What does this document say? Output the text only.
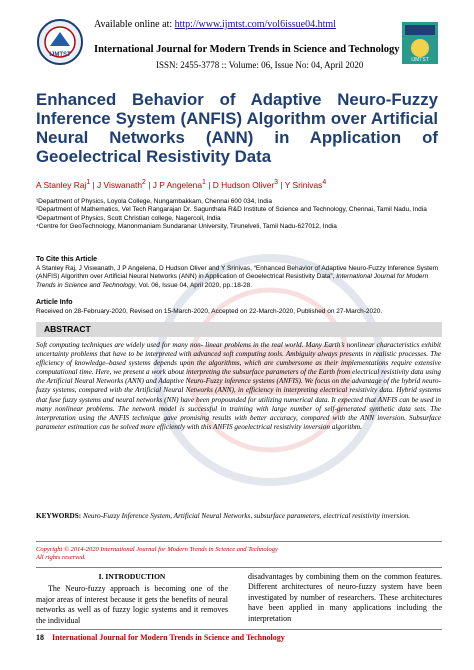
IJMTST
Available online at: http://www.ijmtst.com/vol6issue04.html
International Journal for Modern Trends in Science and Technology
ISSN: 2455-3778 :: Volume: 06, Issue No: 04, April 2020	IJMTST
Enhanced Behavior of Adaptive Neuro-Fuzzy Inference System (ANFIS) Algorithm over Artificial Neural Networks (ANN) in Application of Geoelectrical Resistivity Data
A Stanley Raj$^1$ | J Viswanath$^2$ | J P Angelena$^1$ | D Hudson Oliver$^3$ | Y Srinivas$^4$
¹Department of Physics, Loyola College, Nungambakkam, Chennai 600 034, India
²Department of Mathematics, Vel Tech Rangarajan Dr. Sagunthala R&D Institute of Science and Technology, Chennai, Tamil Nadu, India
³Department of Physics, Scott Christian college, Nagercoil, India
⁴Centre for GeoTechnology, Manonmaniam Sundaranar University, Tirunelveli, Tamil Nadu-627012, India
To Cite this Article
A Stanley Raj, J Viswanath, J P Angelena, D Hudson Oliver and Y Srinivas, “Enhanced Behavior of Adaptive Neuro-Fuzzy Inference System (ANFIS) Algorithm over Artificial Neural Networks (ANN) in Application of Geoelectrical Resistivity Data”, International Journal for Modern Trends in Science and Technology, Vol. 06, Issue 04, April 2020, pp.:18-28.
Article Info
Received on 28-February-2020, Revised on 15-March-2020, Accepted on 22-March-2020, Published on 27-March-2020.
ABSTRACT
Soft computing techniques are widely used for many non- linear problems in the real world. Many Earth’s nonlinear characteristics exhibit uncertainty problems that have to be interpreted with advanced soft computing tools. Ambiguity always presents in realistic processes. The efficiency of knowledge–based systems depends upon the algorithms, which are cumbersome as their implementations require extensive computational time. Here, we present a work about interpreting the subsurface parameters of the Earth from electrical resistivity data using the Artificial Neural Networks (ANN) and Adaptive Neuro-Fuzzy inference systems (ANFIS). We focus on the advantage of the hybrid neuro-fuzzy systems, compared with the Artificial Neural Networks (ANN), in efficiency in interpreting electrical resistivity data. Hybrid systems that fuse fuzzy systems and neural networks (NN) have been propounded for utilizing numerical data. It expected that ANFIS can be used in many nonlinear problems. The network model is successful in training with large number of self-generated synthetic data sets. The interpretation using the ANFIS technique gave promising results with better accuracy, compared with the ANN inversion. Subsurface parameter estimation can be solved more efficiently with this ANFIS geoelectrical resistivity inversion algorithm.
KEYWORDS: Neuro-Fuzzy Inference System, Artificial Neural Networks, subsurface parameters, electrical resistivity inversion.
Copyright © 2014-2020 International Journal for Modern Trends in Science and Technology
All rights reserved.
I. INTRODUCTION

The Neuro-fuzzy approach is becoming one of the major areas of interest because it gets the benefits of neural networks as well as of fuzzy logic systems and it removes the individual

disadvantages by combining them on the common features. Different architectures of neuro-fuzzy system have been investigated by number of researchers. These architectures have been applied in many applications including the interpretation

18 International Journal for Modern Trends in Science and Technology
